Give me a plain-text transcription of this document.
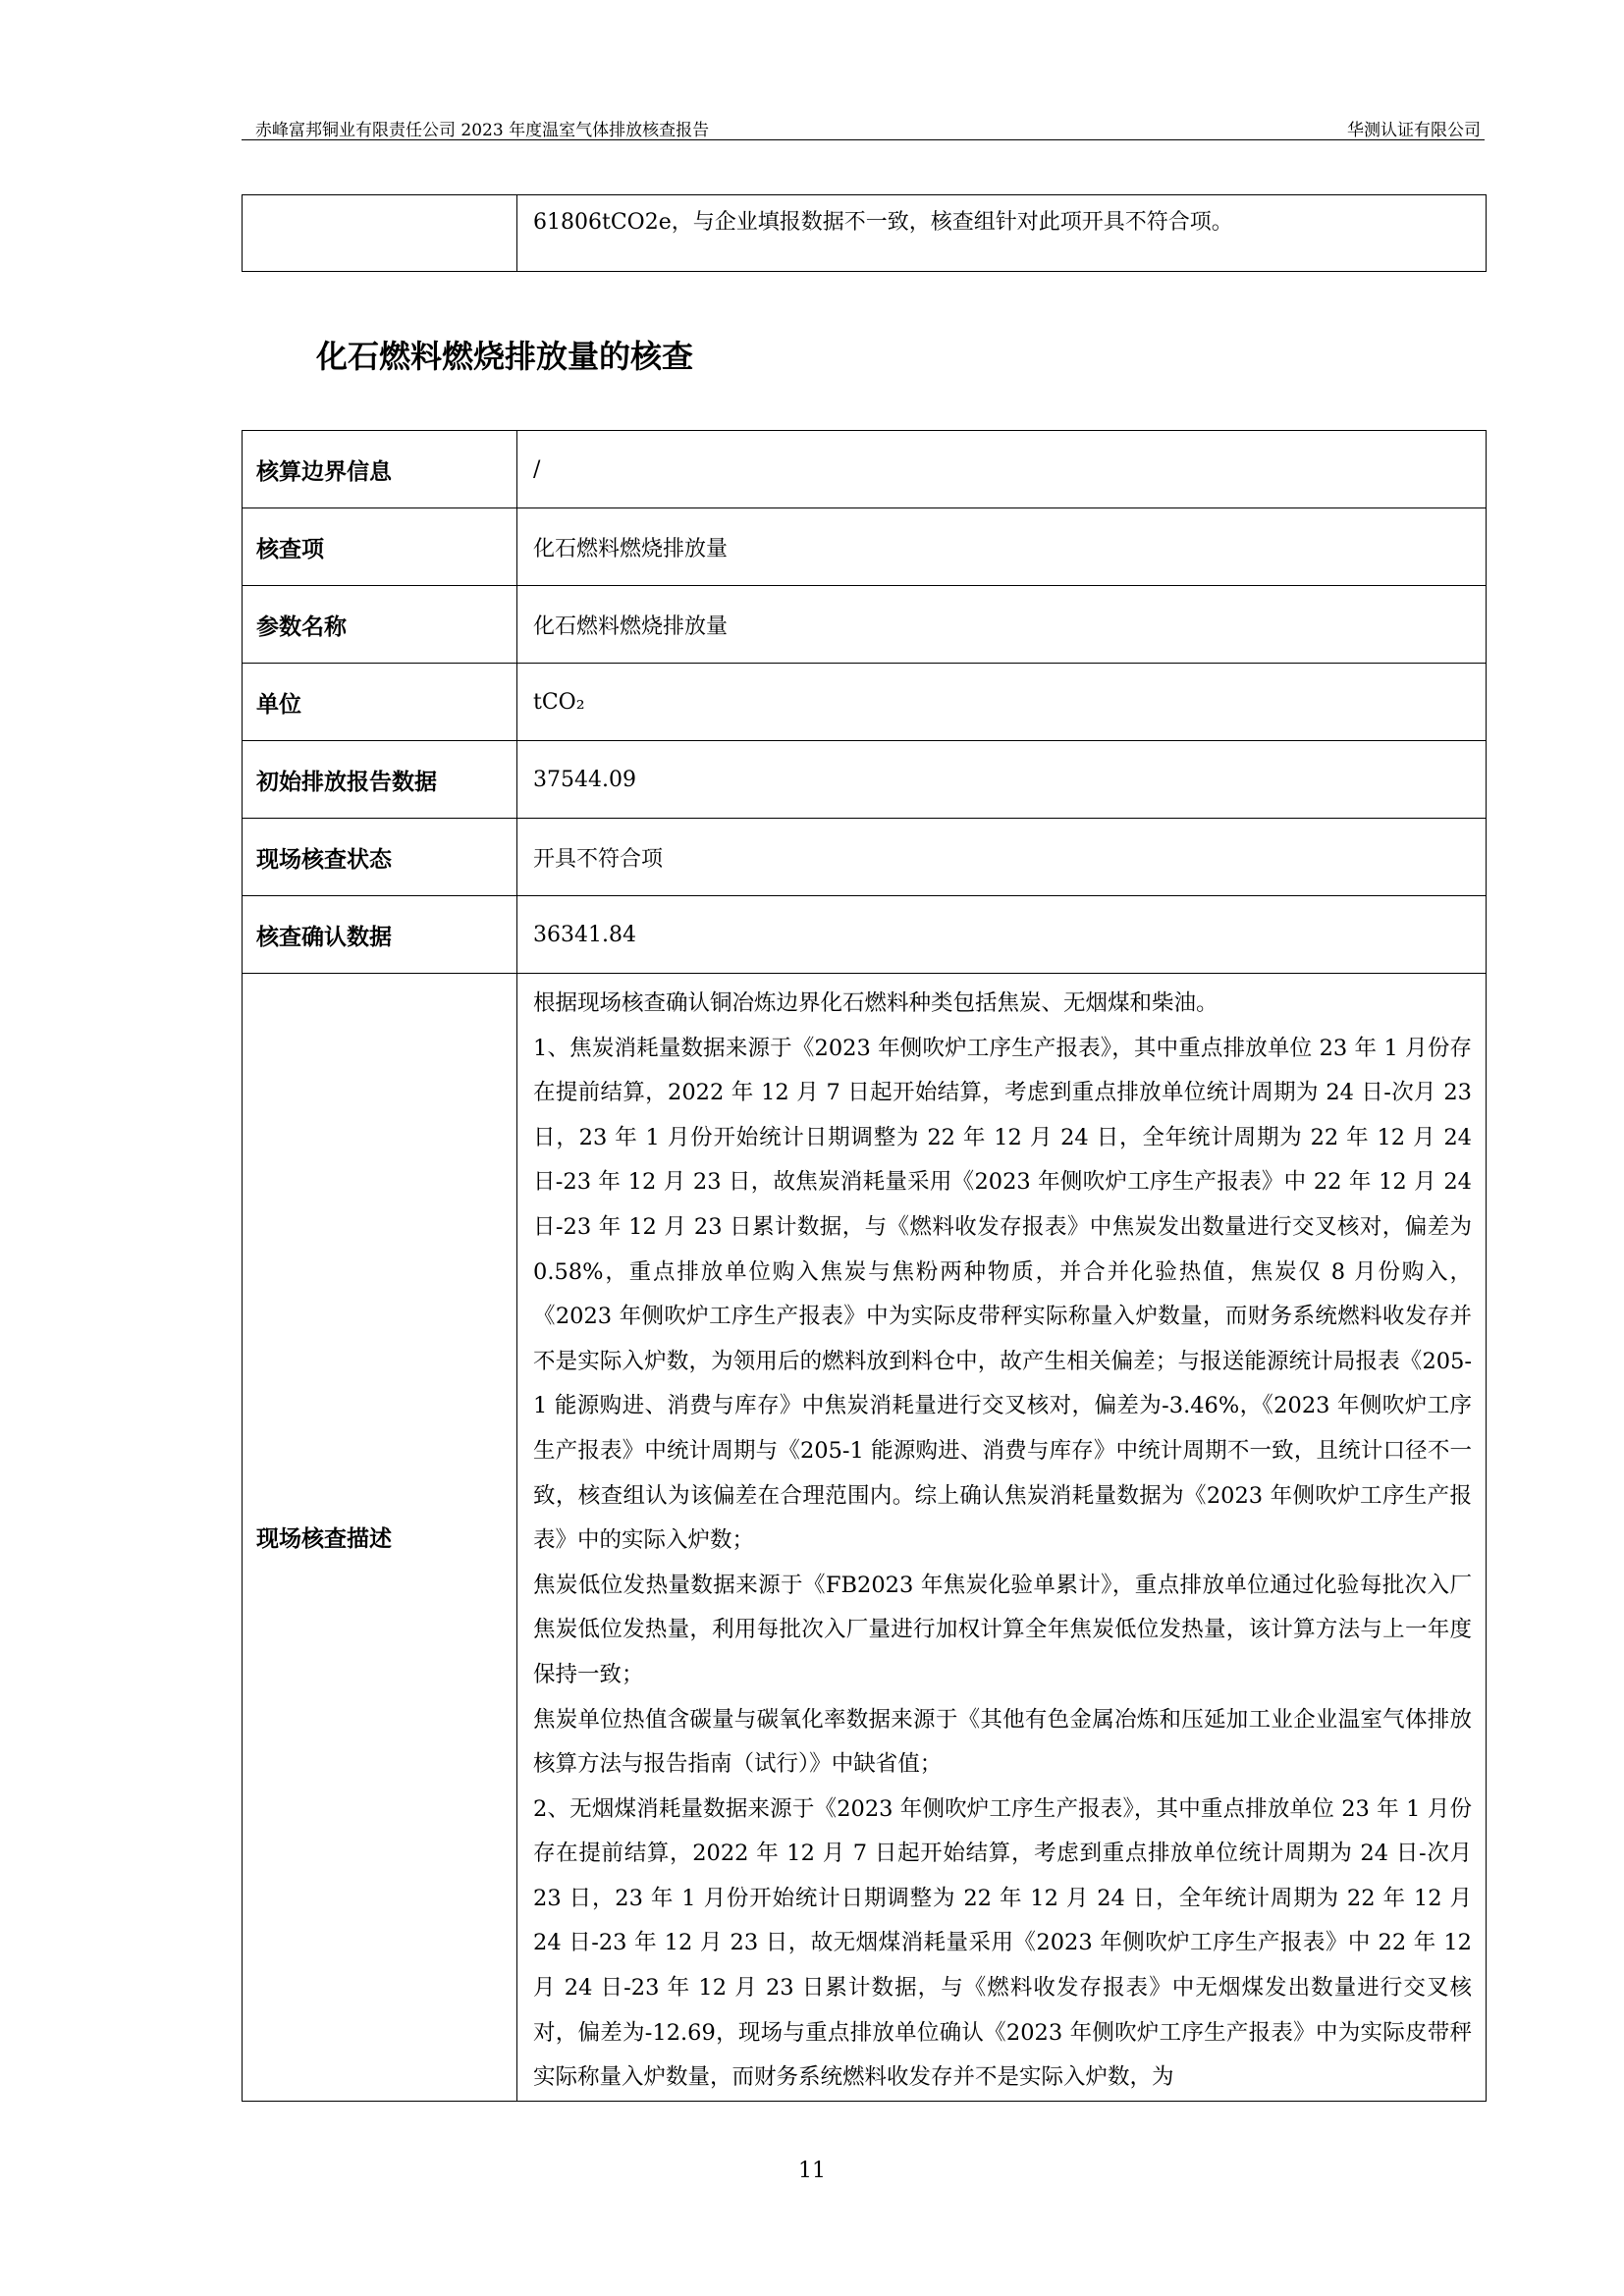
赤峰富邦铜业有限责任公司 2023 年度温室气体排放核查报告	华测认证有限公司
	61806tCO2e，与企业填报数据不一致，核查组针对此项开具不符合项。
化石燃料燃烧排放量的核查
核算边界信息	/
核查项	化石燃料燃烧排放量
参数名称	化石燃料燃烧排放量
单位	tCO₂
初始排放报告数据	37544.09
现场核查状态	开具不符合项
核查确认数据	36341.84
现场核查描述	根据现场核查确认铜冶炼边界化石燃料种类包括焦炭、无烟煤和柴油。

1、焦炭消耗量数据来源于《2023 年侧吹炉工序生产报表》，其中重点排放单位 23 年 1 月份存在提前结算，2022 年 12 月 7 日起开始结算，考虑到重点排放单位统计周期为 24 日-次月 23 日，23 年 1 月份开始统计日期调整为 22 年 12 月 24 日，全年统计周期为 22 年 12 月 24 日-23 年 12 月 23 日，故焦炭消耗量采用《2023 年侧吹炉工序生产报表》中 22 年 12 月 24 日-23 年 12 月 23 日累计数据，与《燃料收发存报表》中焦炭发出数量进行交叉核对，偏差为 0.58%，重点排放单位购入焦炭与焦粉两种物质，并合并化验热值，焦炭仅 8 月份购入，《2023 年侧吹炉工序生产报表》中为实际皮带秤实际称量入炉数量，而财务系统燃料收发存并不是实际入炉数，为领用后的燃料放到料仓中，故产生相关偏差；与报送能源统计局报表《205-1 能源购进、消费与库存》中焦炭消耗量进行交叉核对，偏差为-3.46%，《2023 年侧吹炉工序生产报表》中统计周期与《205-1 能源购进、消费与库存》中统计周期不一致，且统计口径不一致，核查组认为该偏差在合理范围内。综上确认焦炭消耗量数据为《2023 年侧吹炉工序生产报表》中的实际入炉数；

焦炭低位发热量数据来源于《FB2023 年焦炭化验单累计》，重点排放单位通过化验每批次入厂焦炭低位发热量，利用每批次入厂量进行加权计算全年焦炭低位发热量，该计算方法与上一年度保持一致；

焦炭单位热值含碳量与碳氧化率数据来源于《其他有色金属冶炼和压延加工业企业温室气体排放核算方法与报告指南（试行）》中缺省值；

2、无烟煤消耗量数据来源于《2023 年侧吹炉工序生产报表》，其中重点排放单位 23 年 1 月份存在提前结算，2022 年 12 月 7 日起开始结算，考虑到重点排放单位统计周期为 24 日-次月 23 日，23 年 1 月份开始统计日期调整为 22 年 12 月 24 日，全年统计周期为 22 年 12 月 24 日-23 年 12 月 23 日，故无烟煤消耗量采用《2023 年侧吹炉工序生产报表》中 22 年 12 月 24 日-23 年 12 月 23 日累计数据，与《燃料收发存报表》中无烟煤发出数量进行交叉核对，偏差为-12.69，现场与重点排放单位确认《2023 年侧吹炉工序生产报表》中为实际皮带秤实际称量入炉数量，而财务系统燃料收发存并不是实际入炉数，为

11
